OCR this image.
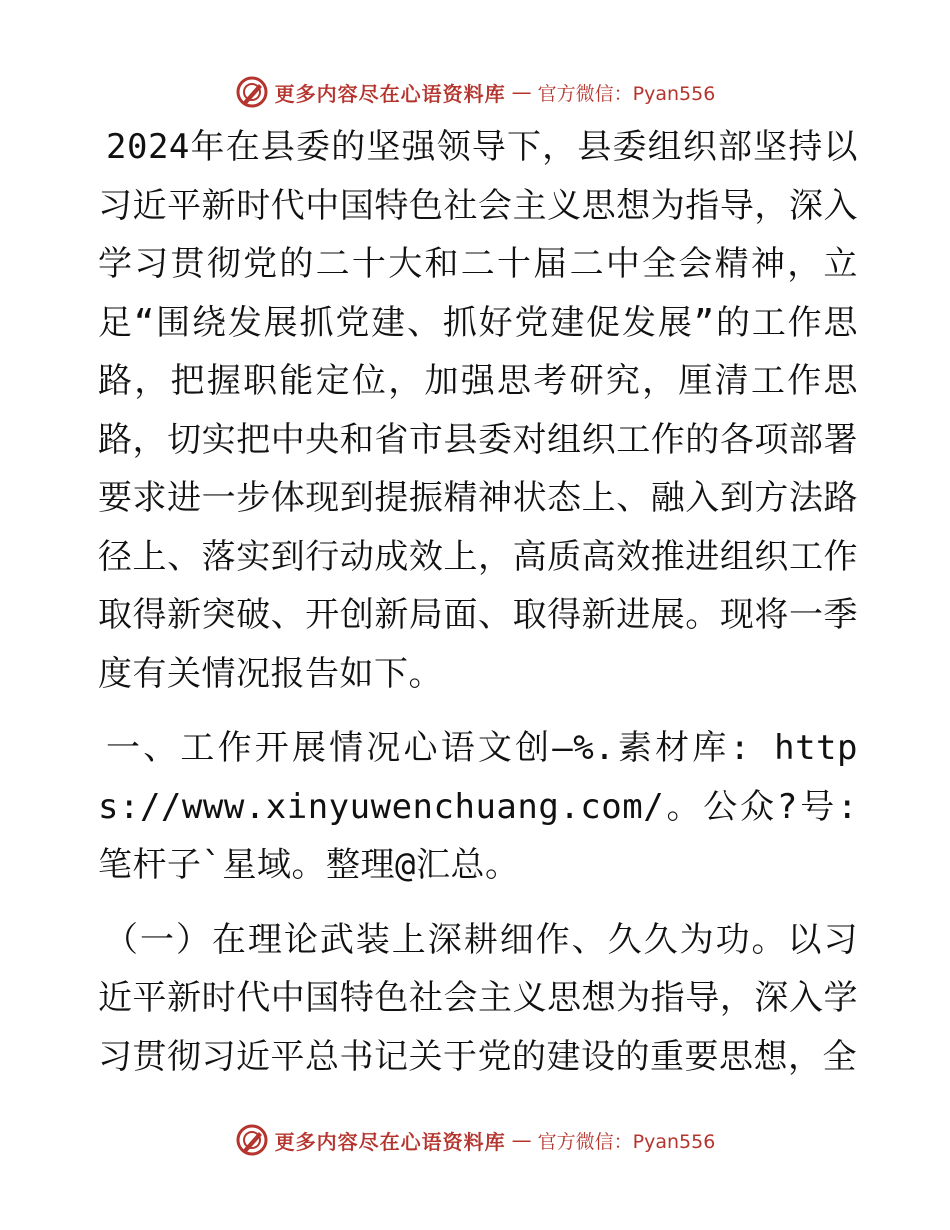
更多内容尽在心语资料库 — 官方微信：Pyan556

2024年在县委的坚强领导下，县委组织部坚持以习近平新时代中国特色社会主义思想为指导，深入学习贯彻党的二十大和二十届二中全会精神，立足“围绕发展抓党建、抓好党建促发展”的工作思路，把握职能定位，加强思考研究，厘清工作思路，切实把中央和省市县委对组织工作的各项部署要求进一步体现到提振精神状态上、融入到方法路径上、落实到行动成效上，高质高效推进组织工作取得新突破、开创新局面、取得新进展。现将一季度有关情况报告如下。

一、工作开展情况心语文创—%.素材库: https://www.xinyuwenchuang.com/。公众?号: 笔杆子`星域。整理@汇总。

（一）在理论武装上深耕细作、久久为功。以习近平新时代中国特色社会主义思想为指导，深入学习贯彻习近平总书记关于党的建设的重要思想，全

更多内容尽在心语资料库 — 官方微信：Pyan556
